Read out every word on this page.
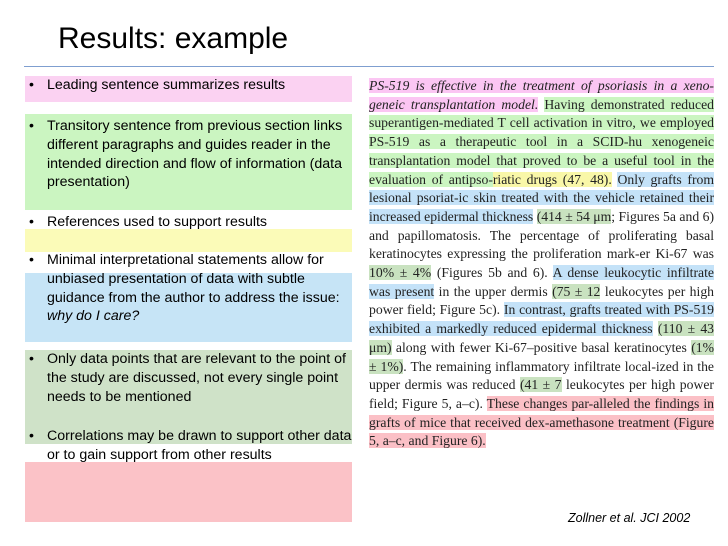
Results: example
• Leading sentence summarizes results
• Transitory sentence from previous section links different paragraphs and guides reader in the intended direction and flow of information (data presentation)
• References used to support results
• Minimal interpretational statements allow for unbiased presentation of data with subtle guidance from the author to address the issue: why do I care?
• Only data points that are relevant to the point of the study are discussed, not every single point needs to be mentioned
• Correlations may be drawn to support other data or to gain support from other results
PS-519 is effective in the treatment of psoriasis in a xeno-geneic transplantation model. Having demonstrated reduced superantigen-mediated T cell activation in vitro, we employed PS-519 as a therapeutic tool in a SCID-hu xenogeneic transplantation model that proved to be a useful tool in the evaluation of antipso-riatic drugs (47, 48). Only grafts from lesional psoriat-ic skin treated with the vehicle retained their increased epidermal thickness (414 ± 54 μm; Figures 5a and 6) and papillomatosis. The percentage of proliferating basal keratinocytes expressing the proliferation mark-er Ki-67 was 10% ± 4% (Figures 5b and 6). A dense leukocytic infiltrate was present in the upper dermis (75 ± 12 leukocytes per high power field; Figure 5c). In contrast, grafts treated with PS-519 exhibited a markedly reduced epidermal thickness (110 ± 43 μm) along with fewer Ki-67–positive basal keratinocytes (1% ± 1%). The remaining inflammatory infiltrate local-ized in the upper dermis was reduced (41 ± 7 leukocytes per high power field; Figure 5, a–c). These changes par-alleled the findings in grafts of mice that received dex-amethasone treatment (Figure 5, a–c, and Figure 6).
Zollner et al. JCI 2002
